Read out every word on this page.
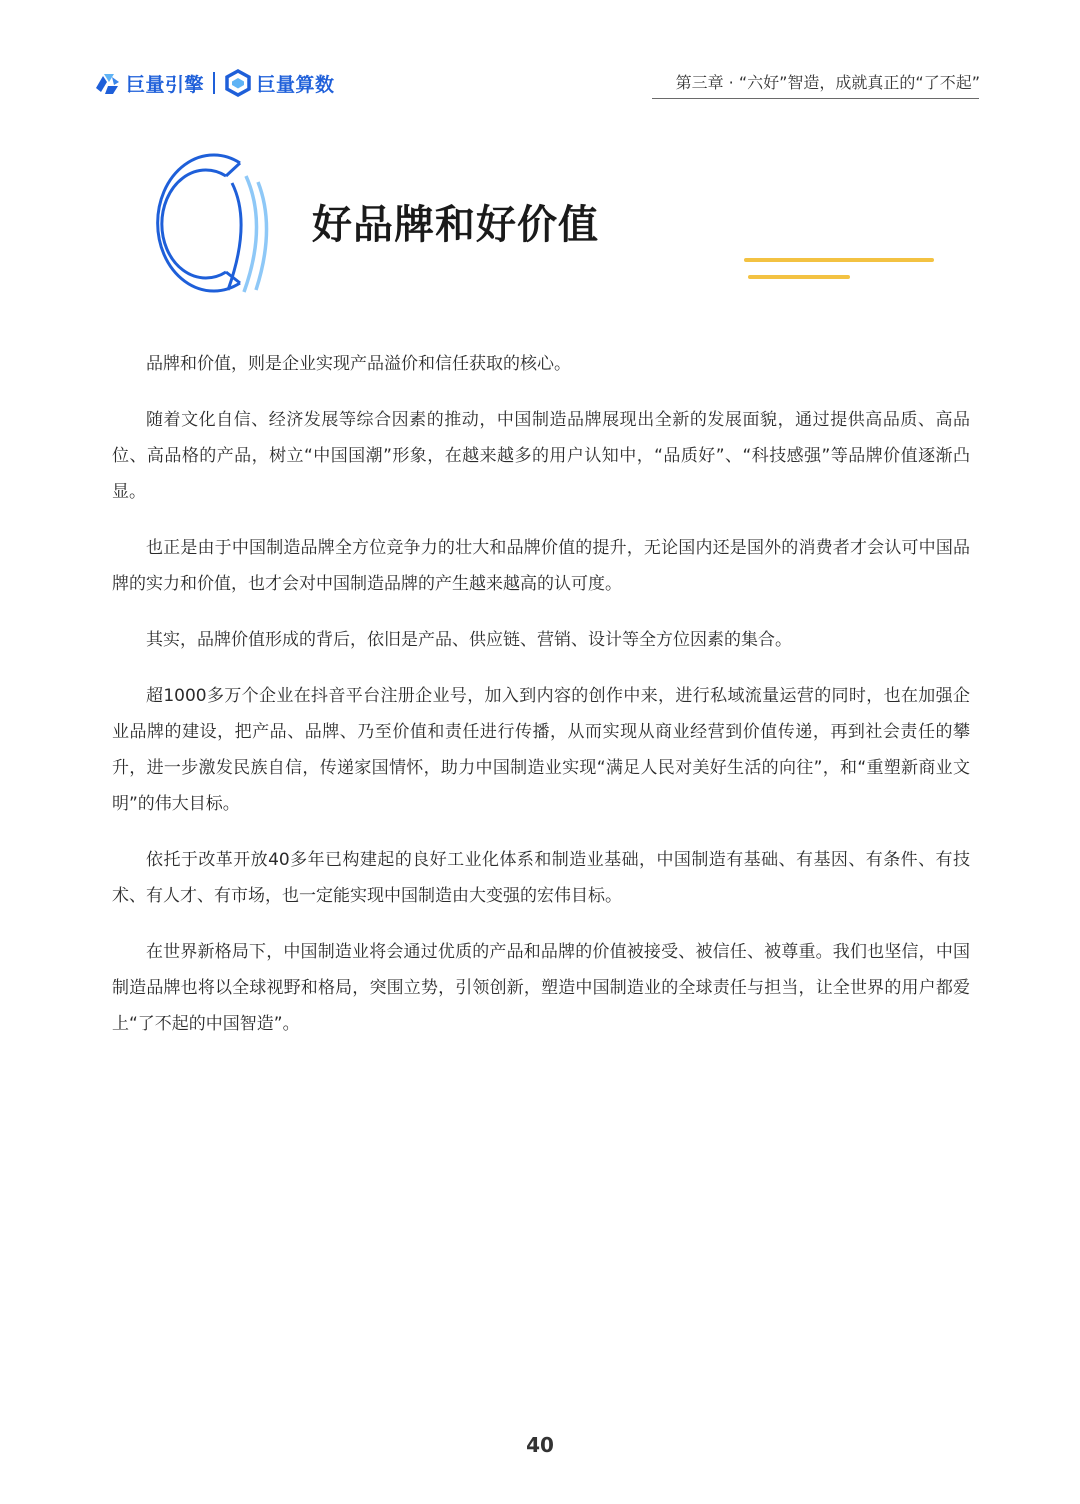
巨量引擎	巨量算数	第三章 · “六好”智造，成就真正的“了不起”
好品牌和好价值

品牌和价值，则是企业实现产品溢价和信任获取的核心。

随着文化自信、经济发展等综合因素的推动，中国制造品牌展现出全新的发展面貌，通过提供高品质、高品位、高品格的产品，树立“中国国潮”形象，在越来越多的用户认知中，“品质好”、“科技感强”等品牌价值逐渐凸显。

也正是由于中国制造品牌全方位竞争力的壮大和品牌价值的提升，无论国内还是国外的消费者才会认可中国品牌的实力和价值，也才会对中国制造品牌的产生越来越高的认可度。

其实，品牌价值形成的背后，依旧是产品、供应链、营销、设计等全方位因素的集合。

超1000多万个企业在抖音平台注册企业号，加入到内容的创作中来，进行私域流量运营的同时，也在加强企业品牌的建设，把产品、品牌、乃至价值和责任进行传播，从而实现从商业经营到价值传递，再到社会责任的攀升，进一步激发民族自信，传递家国情怀，助力中国制造业实现“满足人民对美好生活的向往”，和“重塑新商业文明”的伟大目标。

依托于改革开放40多年已构建起的良好工业化体系和制造业基础，中国制造有基础、有基因、有条件、有技术、有人才、有市场，也一定能实现中国制造由大变强的宏伟目标。

在世界新格局下，中国制造业将会通过优质的产品和品牌的价值被接受、被信任、被尊重。我们也坚信，中国制造品牌也将以全球视野和格局，突围立势，引领创新，塑造中国制造业的全球责任与担当，让全世界的用户都爱上“了不起的中国智造”。

40
